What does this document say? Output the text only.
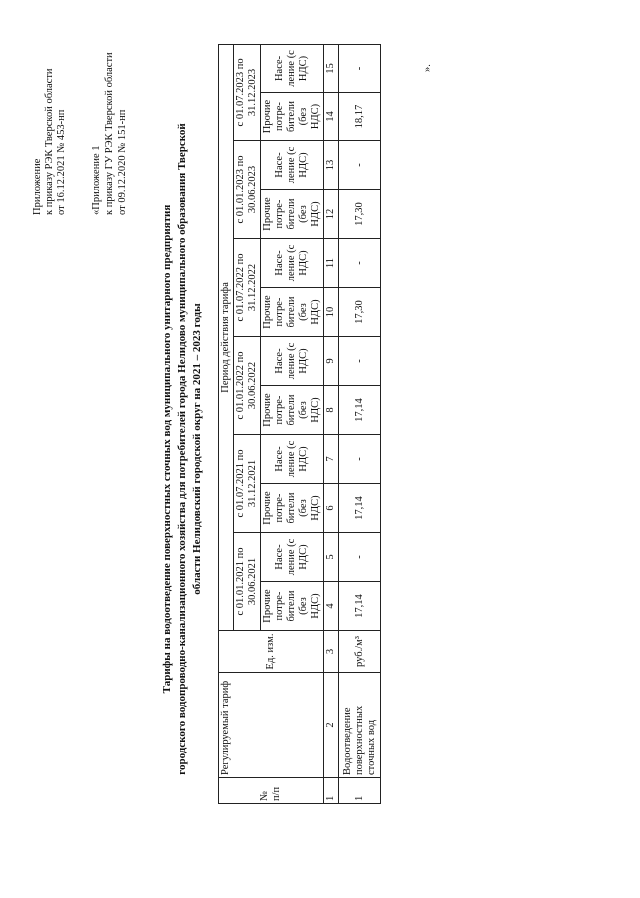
Приложение к приказу РЭК Тверской области от 16.12.2021 № 453-нп «Приложение 1 к приказу ГУ РЭК Тверской области от 09.12.2020 № 151-нп
Тарифы на водоотведение поверхностных сточных вод муниципального унитарного предприятия городского водопроводно-канализационного хозяйства для потребителей города Нелидово муниципального образования Тверской области Нелидовский городской округ на 2021 – 2023 годы
№ п/п	Регулируемый тариф	Ед. изм.	Период действия тарифа											
			с 01.01.2021 по 30.06.2021		с 01.07.2021 по 31.12.2021		с 01.01.2022 по 30.06.2022		с 01.07.2022 по 31.12.2022		с 01.01.2023 по 30.06.2023		с 01.07.2023 по 31.12.2023	
			Прочие потре- бители (без НДС)	Насе- ление (с НДС)	Прочие потре- бители (без НДС)	Насе- ление (с НДС)	Прочие потре- бители (без НДС)	Насе- ление (с НДС)	Прочие потре- бители (без НДС)	Насе- ление (с НДС)	Прочие потре- бители (без НДС)	Насе- ление (с НДС)	Прочие потре- бители (без НДС)	Насе- ление (с НДС)
1	2	3	4	5	6	7	8	9	10	11	12	13	14	15
1	Водоотведение поверхностных сточных вод	руб./м³	17,14	-	17,14	-	17,14	-	17,30	-	17,30	-	18,17	-	».
